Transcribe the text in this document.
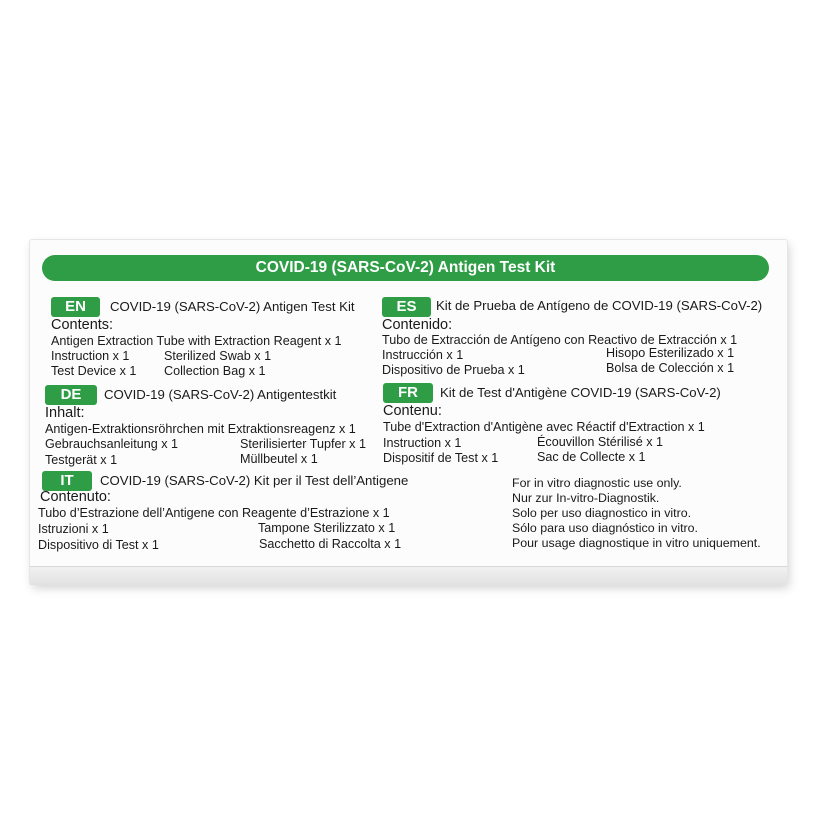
COVID-19 (SARS-CoV-2) Antigen Test Kit
EN	COVID-19 (SARS-CoV-2) Antigen Test Kit
Contents:
Antigen Extraction Tube with Extraction Reagent x 1
Instruction x 1	Sterilized Swab x 1
Test Device x 1 Collection Bag x 1
ES	Kit de Prueba de Antígeno de COVID-19 (SARS-CoV-2)
Contenido:
Tubo de Extracción de Antígeno con Reactivo de Extracción x 1
Instrucción x 1	Hisopo Esterilizado x 1
Dispositivo de Prueba x 1	Bolsa de Colección x 1
DE	COVID-19 (SARS-CoV-2) Antigentestkit
Inhalt:
Antigen-Extraktionsröhrchen mit Extraktionsreagenz x 1
Gebrauchsanleitung x 1	Sterilisierter Tupfer x 1
Testgerät x 1	Müllbeutel x 1
FR	Kit de Test d'Antigène COVID-19 (SARS-CoV-2)
Contenu:
Tube d'Extraction d'Antigène avec Réactif d'Extraction x 1
Instruction x 1	Écouvillon Stérilisé x 1
Dispositif de Test x 1	Sac de Collecte x 1
IT	COVID-19 (SARS-CoV-2) Kit per il Test dell’Antigene
Contenuto:
Tubo d’Estrazione dell’Antigene con Reagente d’Estrazione x 1
Istruzioni x 1	Tampone Sterilizzato x 1
Dispositivo di Test x 1	Sacchetto di Raccolta x 1
For in vitro diagnostic use only.
Nur zur In-vitro-Diagnostik.
Solo per uso diagnostico in vitro.
Sólo para uso diagnóstico in vitro.
Pour usage diagnostique in vitro uniquement.
